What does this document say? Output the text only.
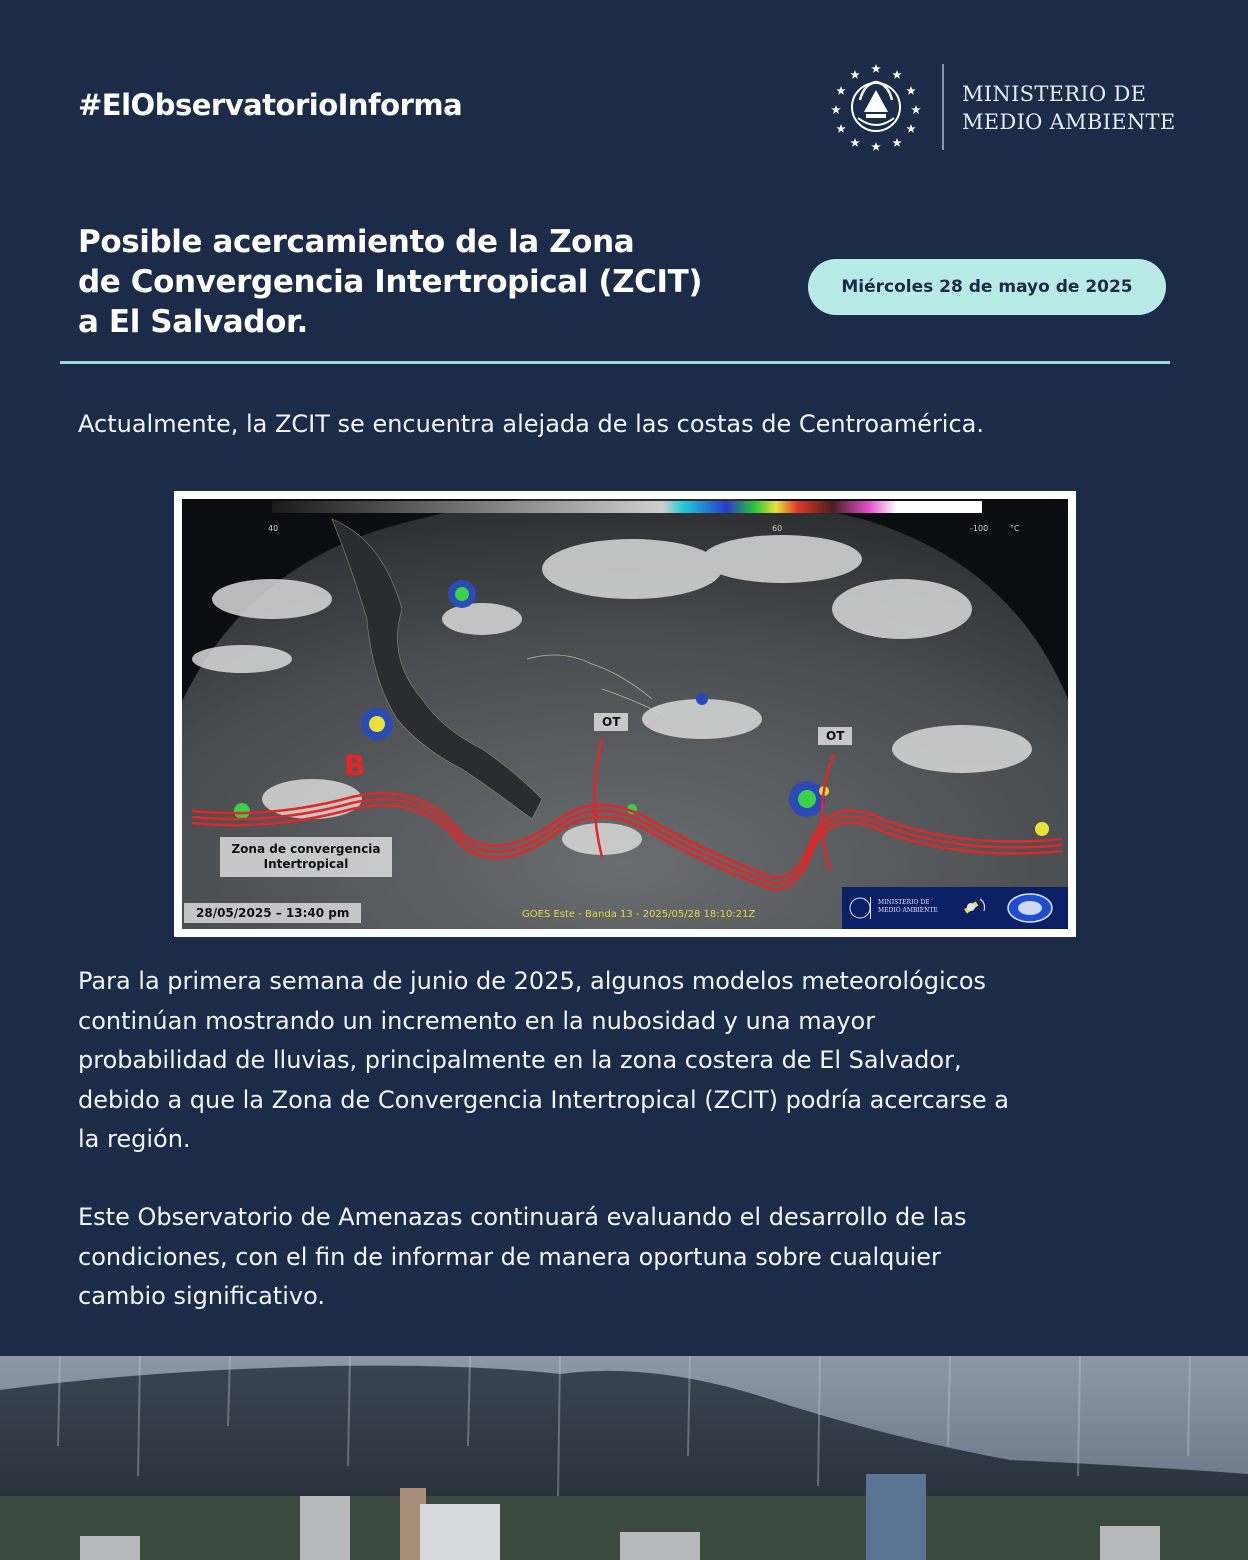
#ElObservatorioInforma	MINISTERIO DE
MEDIO AMBIENTE
Posible acercamiento de la Zona
de Convergencia Intertropical (ZCIT)
a El Salvador.
Miércoles 28 de mayo de 2025

Actualmente, la ZCIT se encuentra alejada de las costas de Centroamérica.

40	60	-100	°C
OT
OT
B
Zona de convergencia
Intertropical
28/05/2025 – 13:40 pm	GOES Este - Banda 13 - 2025/05/28 18:10:21Z
MINISTERIO DE
MEDIO AMBIENTE
Para la primera semana de junio de 2025, algunos modelos meteorológicos
continúan mostrando un incremento en la nubosidad y una mayor
probabilidad de lluvias, principalmente en la zona costera de El Salvador,
debido a que la Zona de Convergencia Intertropical (ZCIT) podría acercarse a
la región.
Este Observatorio de Amenazas continuará evaluando el desarrollo de las
condiciones, con el fin de informar de manera oportuna sobre cualquier
cambio significativo.
